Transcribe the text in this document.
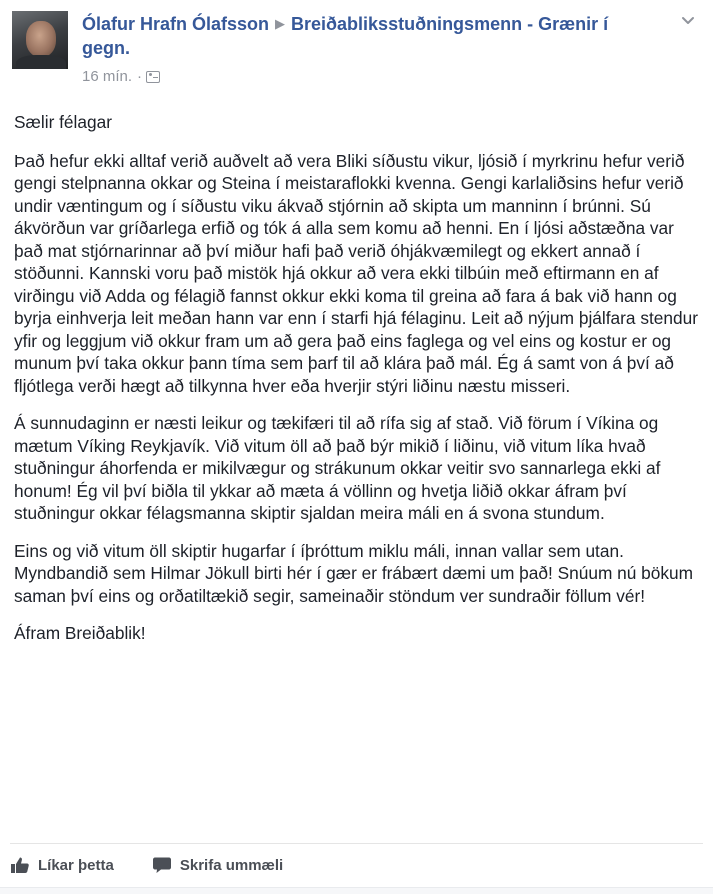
Ólafur Hrafn Ólafsson ▶ Breiðabliksstuðningsmenn - Grænir í gegn.
16 mín. ·

Sælir félagar

Það hefur ekki alltaf verið auðvelt að vera Bliki síðustu vikur, ljósið í myrkrinu hefur verið gengi stelpnanna okkar og Steina í meistaraflokki kvenna. Gengi karlaliðsins hefur verið undir væntingum og í síðustu viku ákvað stjórnin að skipta um manninn í brúnni. Sú ákvörðun var gríðarlega erfið og tók á alla sem komu að henni. En í ljósi aðstæðna var það mat stjórnarinnar að því miður hafi það verið óhjákvæmilegt og ekkert annað í stöðunni. Kannski voru það mistök hjá okkur að vera ekki tilbúin með eftirmann en af virðingu við Adda og félagið fannst okkur ekki koma til greina að fara á bak við hann og byrja einhverja leit meðan hann var enn í starfi hjá félaginu. Leit að nýjum þjálfara stendur yfir og leggjum við okkur fram um að gera það eins faglega og vel eins og kostur er og munum því taka okkur þann tíma sem þarf til að klára það mál. Ég á samt von á því að fljótlega verði hægt að tilkynna hver eða hverjir stýri liðinu næstu misseri.

Á sunnudaginn er næsti leikur og tækifæri til að rífa sig af stað. Við förum í Víkina og mætum Víking Reykjavík. Við vitum öll að það býr mikið í liðinu, við vitum líka hvað stuðningur áhorfenda er mikilvægur og strákunum okkar veitir svo sannarlega ekki af honum! Ég vil því biðla til ykkar að mæta á völlinn og hvetja liðið okkar áfram því stuðningur okkar félagsmanna skiptir sjaldan meira máli en á svona stundum.

Eins og við vitum öll skiptir hugarfar í íþróttum miklu máli, innan vallar sem utan. Myndbandið sem Hilmar Jökull birti hér í gær er frábært dæmi um það! Snúum nú bökum saman því eins og orðatiltækið segir, sameinaðir stöndum ver sundraðir föllum vér!

Áfram Breiðablik!

Líkar þetta	Skrifa ummæli
